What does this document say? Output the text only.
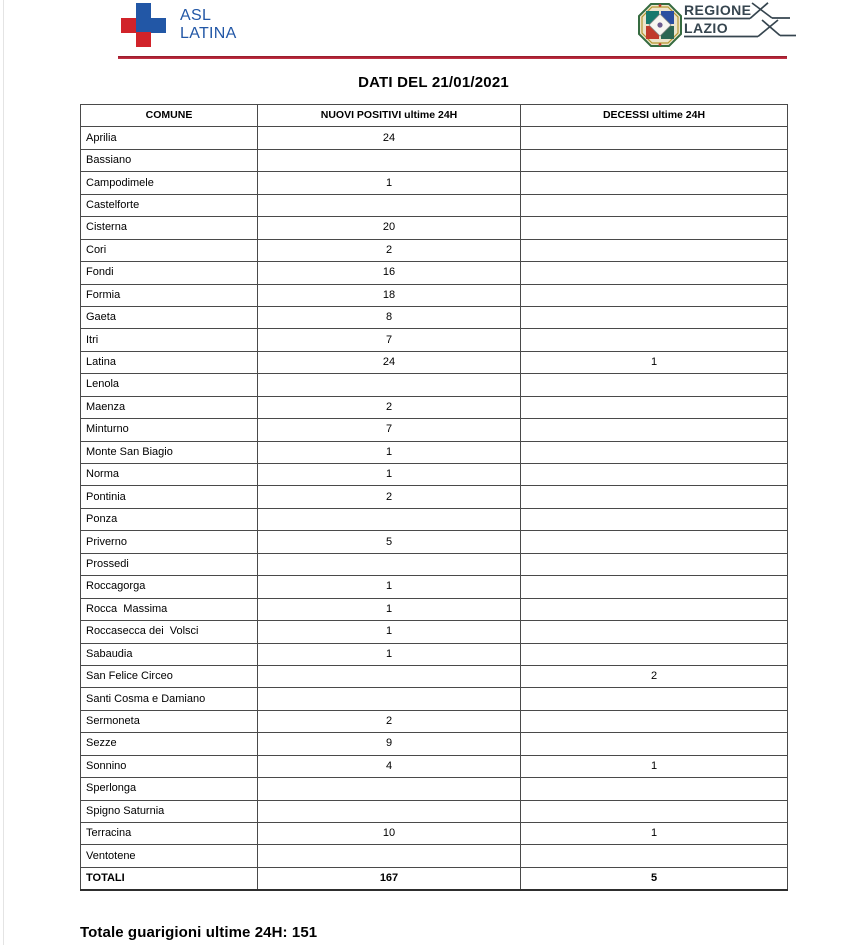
ASL
LATINA
REGIONE
LAZIO
DATI DEL 21/01/2021
COMUNE	NUOVI POSITIVI ultime 24H	DECESSI ultime 24H
Aprilia	24	
Bassiano		
Campodimele	1	
Castelforte		
Cisterna	20	
Cori	2	
Fondi	16	
Formia	18	
Gaeta	8	
Itri	7	
Latina	24	1
Lenola		
Maenza	2	
Minturno	7	
Monte San Biagio	1	
Norma	1	
Pontinia	2	
Ponza		
Priverno	5	
Prossedi		
Roccagorga	1	
Rocca  Massima	1	
Roccasecca dei  Volsci	1	
Sabaudia	1	
San Felice Circeo		2
Santi Cosma e Damiano		
Sermoneta	2	
Sezze	9	
Sonnino	4	1
Sperlonga		
Spigno Saturnia		
Terracina	10	1
Ventotene		
TOTALI	167	5
Totale guarigioni ultime 24H: 151
